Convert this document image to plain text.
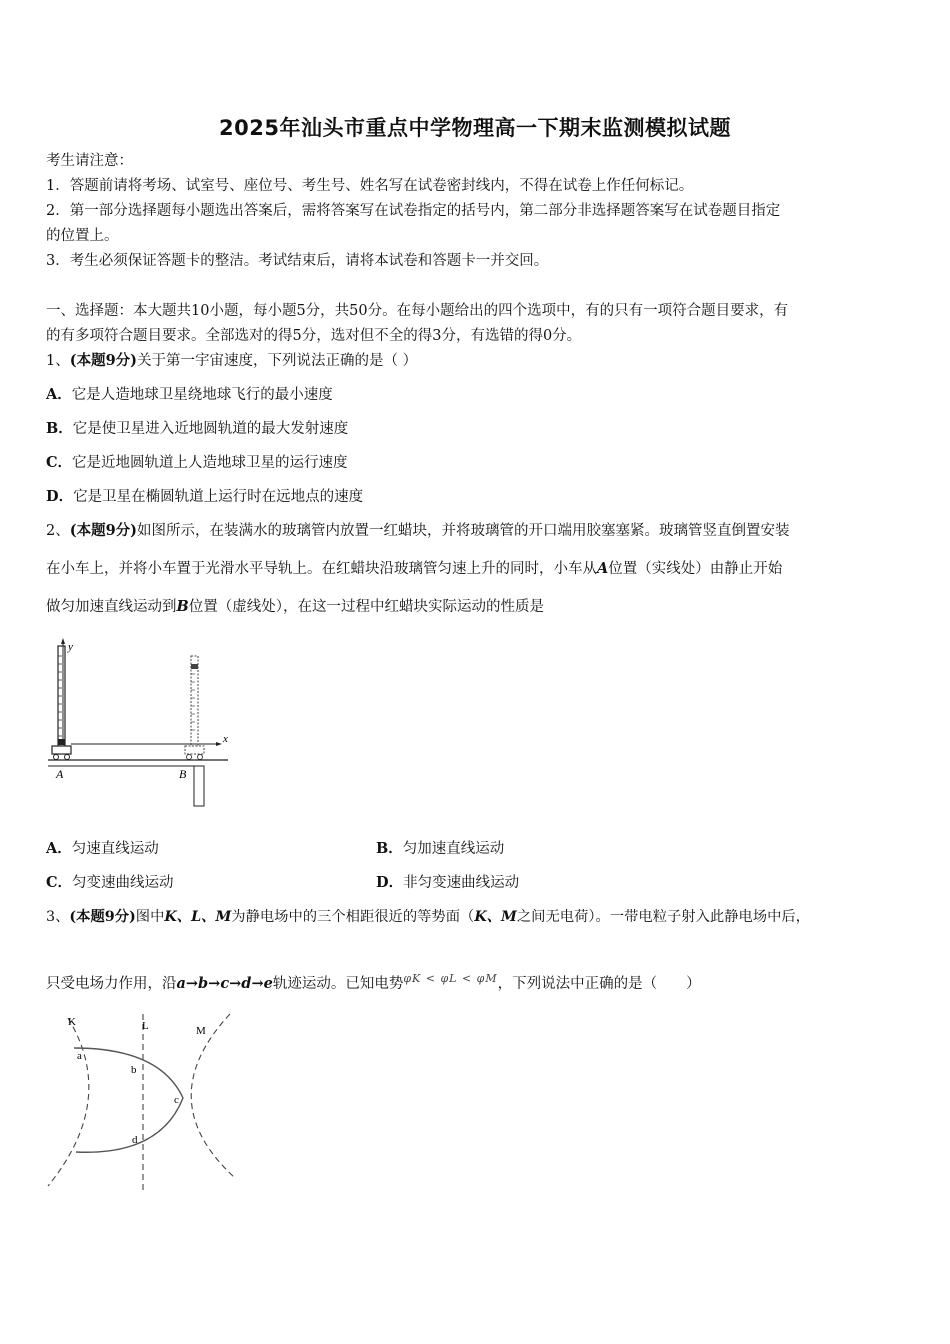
2025年汕头市重点中学物理高一下期末监测模拟试题
考生请注意：
1．答题前请将考场、试室号、座位号、考生号、姓名写在试卷密封线内，不得在试卷上作任何标记。
2．第一部分选择题每小题选出答案后，需将答案写在试卷指定的括号内，第二部分非选择题答案写在试卷题目指定
的位置上。
3．考生必须保证答题卡的整洁。考试结束后，请将本试卷和答题卡一并交回。
一、选择题：本大题共10小题，每小题5分，共50分。在每小题给出的四个选项中，有的只有一项符合题目要求，有
的有多项符合题目要求。全部选对的得5分，选对但不全的得3分，有选错的得0分。
1、(本题9分)关于第一宇宙速度，下列说法正确的是（ ）
A．它是人造地球卫星绕地球飞行的最小速度
B．它是使卫星进入近地圆轨道的最大发射速度
C．它是近地圆轨道上人造地球卫星的运行速度
D．它是卫星在椭圆轨道上运行时在远地点的速度
2、(本题9分)如图所示，在装满水的玻璃管内放置一红蜡块，并将玻璃管的开口端用胶塞塞紧。玻璃管竖直倒置安装
在小车上，并将小车置于光滑水平导轨上。在红蜡块沿玻璃管匀速上升的同时，小车从A位置（实线处）由静止开始
做匀加速直线运动到B位置（虚线处），在这一过程中红蜡块实际运动的性质是
y
x
A	B
A．匀速直线运动	B．匀加速直线运动
C．匀变速曲线运动	D．非匀变速曲线运动
3、(本题9分)图中K、L、M为静电场中的三个相距很近的等势面（K、M之间无电荷）。一带电粒子射入此静电场中后，
只受电场力作用，沿a→b→c→d→e轨迹运动。已知电势φK < φL < φM，下列说法中正确的是（　　）
K	L	M
a
b
c
d
